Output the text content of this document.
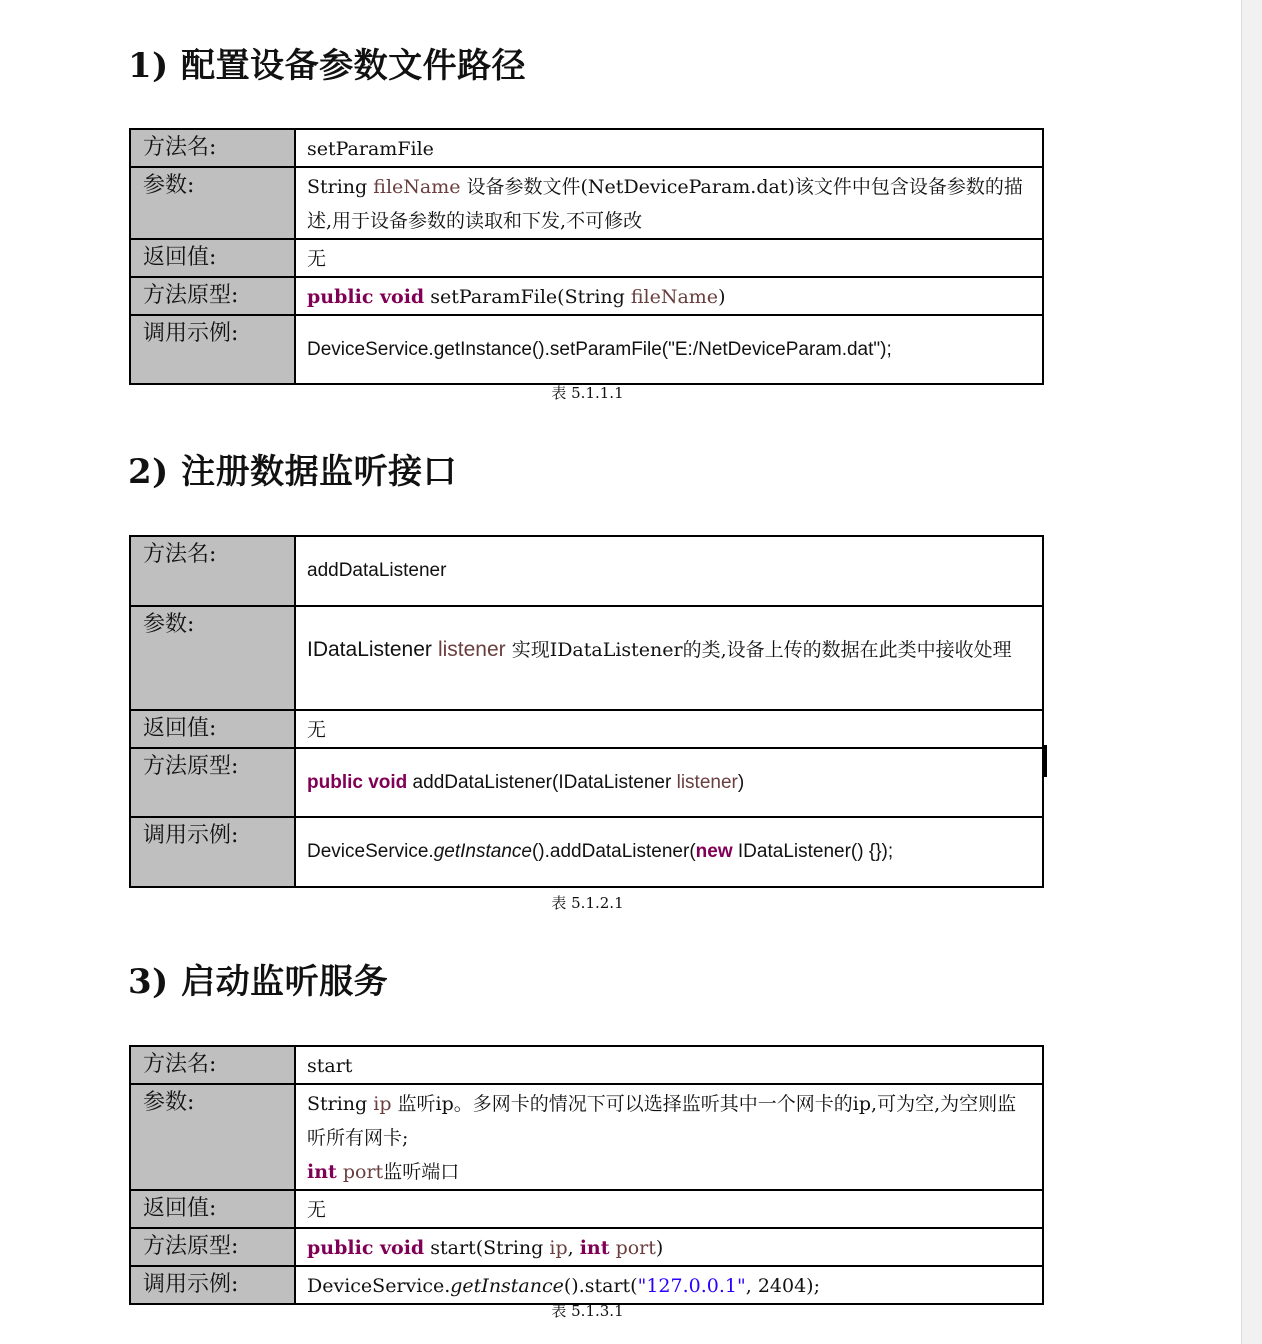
1) 配置设备参数文件路径
方法名:	setParamFile
参数:	String fileName 设备参数文件(NetDeviceParam.dat)该文件中包含设备参数的描述,用于设备参数的读取和下发,不可修改
返回值:	无
方法原型:	public void setParamFile(String fileName)
调用示例:	DeviceService.getInstance().setParamFile("E:/NetDeviceParam.dat");
表 5.1.1.1
2) 注册数据监听接口
方法名:	addDataListener
参数:	IDataListener listener 实现IDataListener的类,设备上传的数据在此类中接收处理
返回值:	无
方法原型:	public void addDataListener(IDataListener listener)
调用示例:	DeviceService.getInstance().addDataListener(new IDataListener() {});
表 5.1.2.1
3) 启动监听服务
方法名:	start
参数:	String ip 监听ip。多网卡的情况下可以选择监听其中一个网卡的ip,可为空,为空则监听所有网卡;
int port监听端口
返回值:	无
方法原型:	public void start(String ip, int port)
调用示例:	DeviceService.getInstance().start("127.0.0.1", 2404);
表 5.1.3.1
